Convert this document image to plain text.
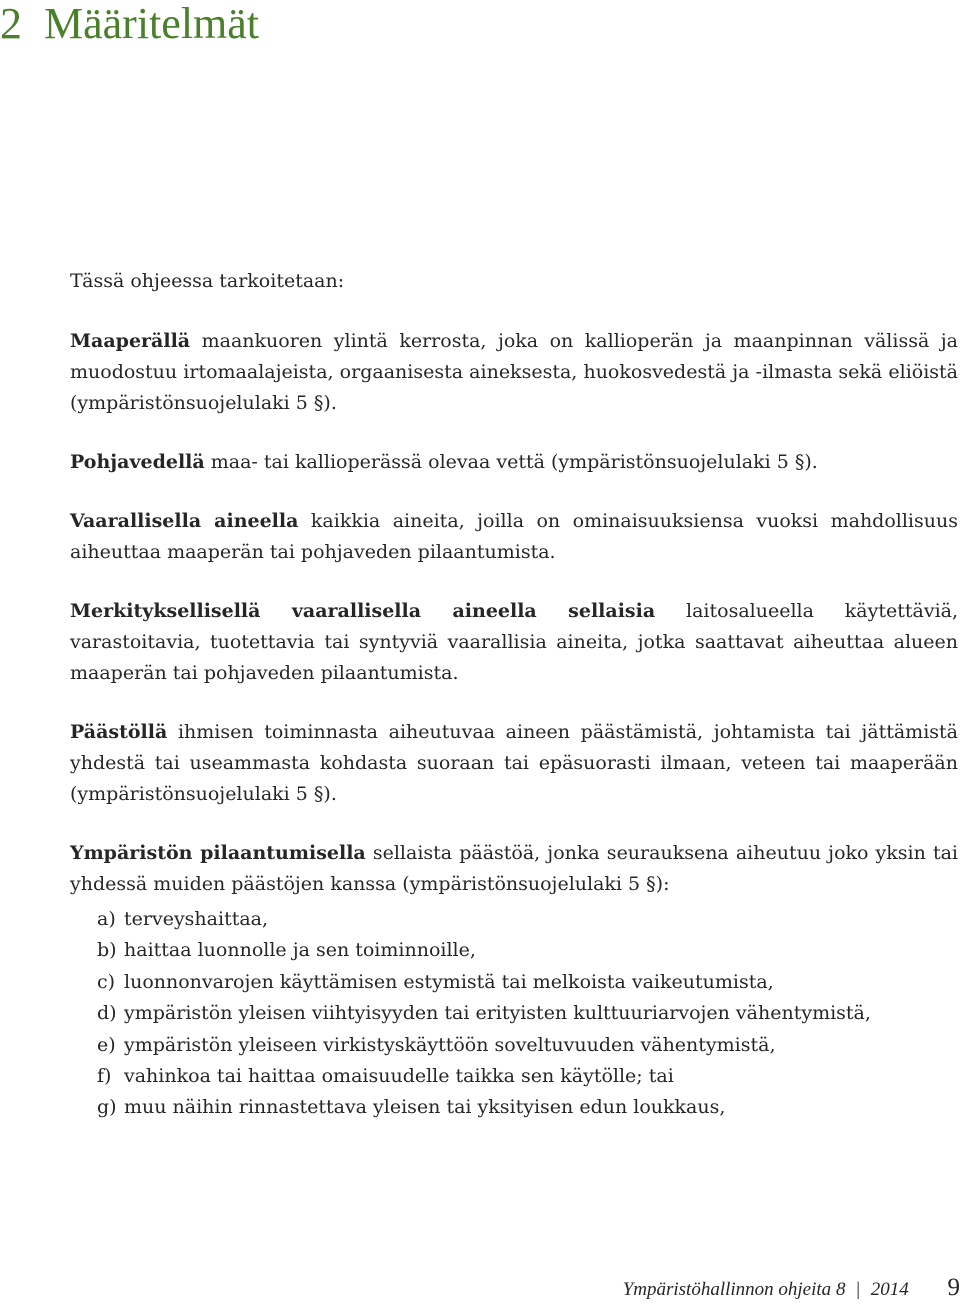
2 Määritelmät

Tässä ohjeessa tarkoitetaan:

Maaperällä maankuoren ylintä kerrosta, joka on kallioperän ja maanpinnan välissä ja muodostuu irtomaalajeista, orgaanisesta aineksesta, huokosvedestä ja -ilmasta sekä eliöistä (ympäristönsuojelulaki 5 §).

Pohjavedellä maa- tai kallioperässä olevaa vettä (ympäristönsuojelulaki 5 §).

Vaarallisella aineella kaikkia aineita, joilla on ominaisuuksiensa vuoksi mahdollisuus aiheuttaa maaperän tai pohjaveden pilaantumista.

Merkityksellisellä vaarallisella aineella sellaisia laitosalueella käytettäviä, varastoitavia, tuotettavia tai syntyviä vaarallisia aineita, jotka saattavat aiheuttaa alueen maaperän tai pohjaveden pilaantumista.

Päästöllä ihmisen toiminnasta aiheutuvaa aineen päästämistä, johtamista tai jättämistä yhdestä tai useammasta kohdasta suoraan tai epäsuorasti ilmaan, veteen tai maaperään (ympäristönsuojelulaki 5 §).

Ympäristön pilaantumisella sellaista päästöä, jonka seurauksena aiheutuu joko yksin tai yhdessä muiden päästöjen kanssa (ympäristönsuojelulaki 5 §):

a) terveyshaittaa,
b) haittaa luonnolle ja sen toiminnoille,
c) luonnonvarojen käyttämisen estymistä tai melkoista vaikeutumista,
d) ympäristön yleisen viihtyisyyden tai erityisten kulttuuriarvojen vähentymistä,
e) ympäristön yleiseen virkistyskäyttöön soveltuvuuden vähentymistä,
f) vahinkoa tai haittaa omaisuudelle taikka sen käytölle; tai
g) muu näihin rinnastettava yleisen tai yksityisen edun loukkaus,
Ympäristöhallinnon ohjeita 8 | 2014 9
